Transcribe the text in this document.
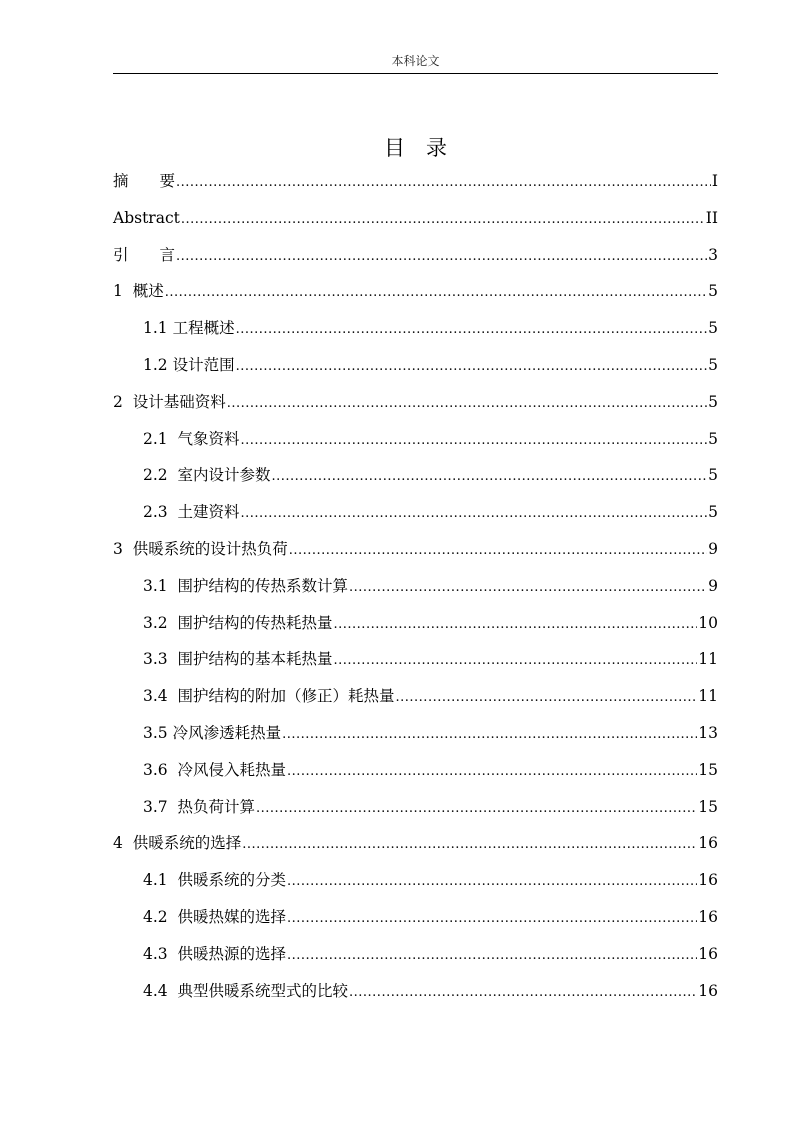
本科论文
目　录
摘　　要 .....	I
Abstract .....	II
引　　言 .....	3
1  概述 .....	5
1.1 工程概述 .....	5
1.2 设计范围 .....	5
2  设计基础资料 .....	5
2.1  气象资料 .....	5
2.2  室内设计参数 .....	5
2.3  土建资料 .....	5
3  供暖系统的设计热负荷 .....	9
3.1  围护结构的传热系数计算 .....	9
3.2  围护结构的传热耗热量 .....	10
3.3  围护结构的基本耗热量 .....	11
3.4  围护结构的附加（修正）耗热量 .....	11
3.5 冷风渗透耗热量 .....	13
3.6  冷风侵入耗热量 .....	15
3.7  热负荷计算 .....	15
4  供暖系统的选择 .....	16
4.1  供暖系统的分类 .....	16
4.2  供暖热媒的选择 .....	16
4.3  供暖热源的选择 .....	16
4.4  典型供暖系统型式的比较 .....	16
